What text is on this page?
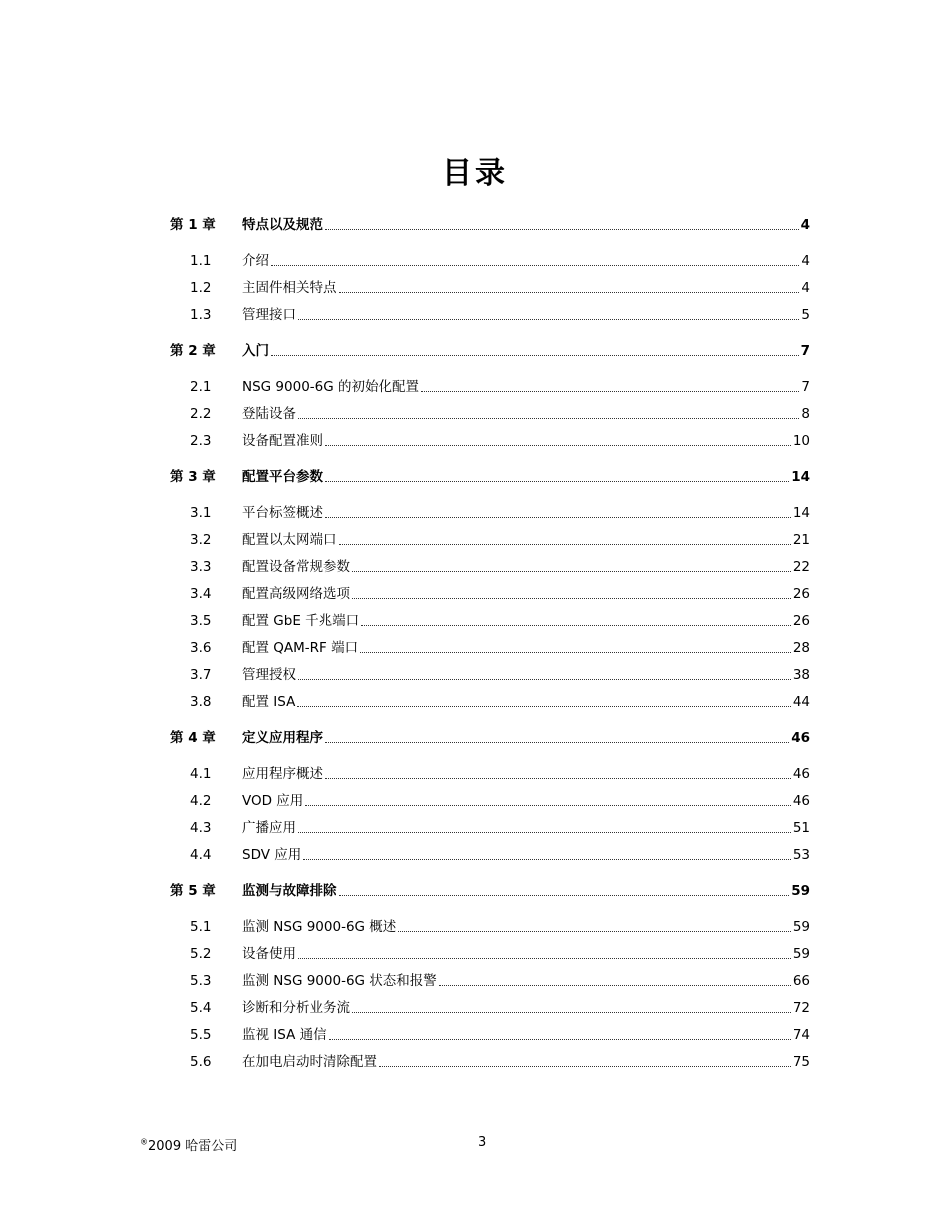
目录
第 1 章 特点以及规范	4
1.1 介绍	4
1.2 主固件相关特点	4
1.3 管理接口	5
第 2 章 入门	7
2.1 NSG 9000-6G 的初始化配置	7
2.2 登陆设备	8
2.3 设备配置准则	10
第 3 章 配置平台参数	14
3.1 平台标签概述	14
3.2 配置以太网端口	21
3.3 配置设备常规参数	22
3.4 配置高级网络选项	26
3.5 配置 GbE 千兆端口	26
3.6 配置 QAM-RF 端口	28
3.7 管理授权	38
3.8 配置 ISA	44
第 4 章 定义应用程序	46
4.1 应用程序概述	46
4.2 VOD 应用	46
4.3 广播应用	51
4.4 SDV 应用	53
第 5 章 监测与故障排除	59
5.1 监测 NSG 9000-6G 概述	59
5.2 设备使用	59
5.3 监测 NSG 9000-6G 状态和报警	66
5.4 诊断和分析业务流	72
5.5 监视 ISA 通信	74
5.6 在加电启动时清除配置	75
®2009 哈雷公司	3
